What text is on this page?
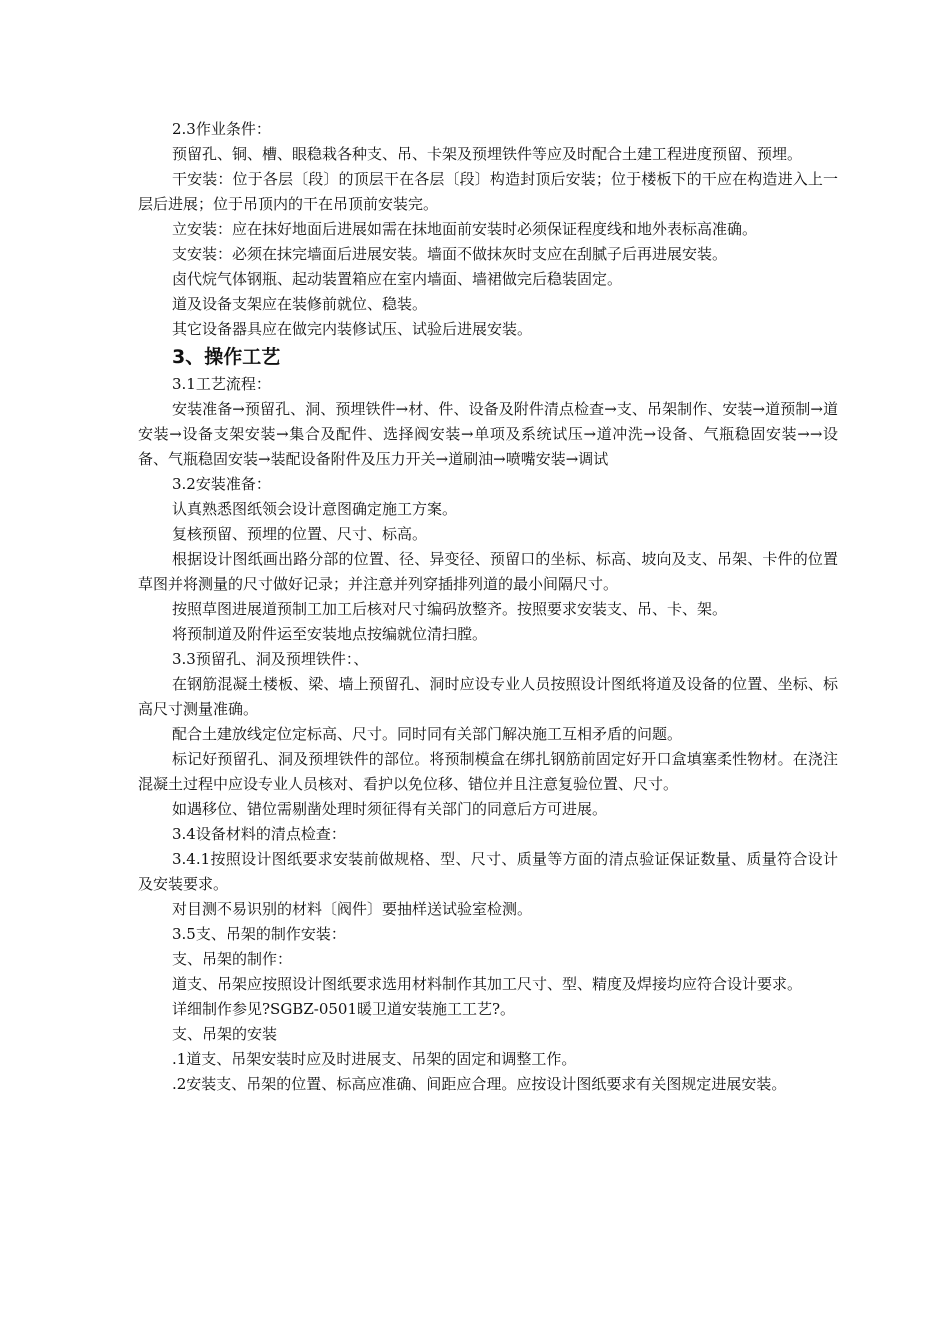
2.3作业条件：

预留孔、铜、槽、眼稳栽各种支、吊、卡架及预埋铁件等应及时配合土建工程进度预留、预埋。

干安装：位于各层〔段〕的顶层干在各层〔段〕构造封顶后安装；位于楼板下的干应在构造进入上一层后进展；位于吊顶内的干在吊顶前安装完。

立安装：应在抹好地面后进展如需在抹地面前安装时必须保证程度线和地外表标高准确。

支安装：必须在抹完墙面后进展安装。墙面不做抹灰时支应在刮腻子后再进展安装。

卤代烷气体钢瓶、起动装置箱应在室内墙面、墙裙做完后稳装固定。

道及设备支架应在装修前就位、稳装。

其它设备器具应在做完内装修试压、试验后进展安装。

3、操作工艺

3.1工艺流程：

安装准备→预留孔、洞、预埋铁件→材、件、设备及附件清点检查→支、吊架制作、安装→道预制→道安装→设备支架安装→集合及配件、选择阀安装→单项及系统试压→道冲洗→设备、气瓶稳固安装→→设备、气瓶稳固安装→装配设备附件及压力开关→道刷油→喷嘴安装→调试

3.2安装准备：

认真熟悉图纸领会设计意图确定施工方案。

复核预留、预埋的位置、尺寸、标高。

根据设计图纸画出路分部的位置、径、异变径、预留口的坐标、标高、坡向及支、吊架、卡件的位置草图并将测量的尺寸做好记录；并注意并列穿插排列道的最小间隔尺寸。

按照草图进展道预制工加工后核对尺寸编码放整齐。按照要求安装支、吊、卡、架。

将预制道及附件运至安装地点按编就位清扫膛。

3.3预留孔、洞及预埋铁件：、

在钢筋混凝土楼板、梁、墙上预留孔、洞时应设专业人员按照设计图纸将道及设备的位置、坐标、标高尺寸测量准确。

配合土建放线定位定标高、尺寸。同时同有关部门解决施工互相矛盾的问题。

标记好预留孔、洞及预埋铁件的部位。将预制模盒在绑扎钢筋前固定好开口盒填塞柔性物材。在浇注混凝土过程中应设专业人员核对、看护以免位移、错位并且注意复验位置、尺寸。

如遇移位、错位需剔凿处理时须征得有关部门的同意后方可进展。

3.4设备材料的清点检查：

3.4.1按照设计图纸要求安装前做规格、型、尺寸、质量等方面的清点验证保证数量、质量符合设计及安装要求。

对目测不易识别的材料〔阀件〕要抽样送试验室检测。

3.5支、吊架的制作安装：

支、吊架的制作：

道支、吊架应按照设计图纸要求选用材料制作其加工尺寸、型、精度及焊接均应符合设计要求。

详细制作参见?SGBZ-0501暖卫道安装施工工艺?。

支、吊架的安装

.1道支、吊架安装时应及时进展支、吊架的固定和调整工作。

.2安装支、吊架的位置、标高应准确、间距应合理。应按设计图纸要求有关图规定进展安装。
